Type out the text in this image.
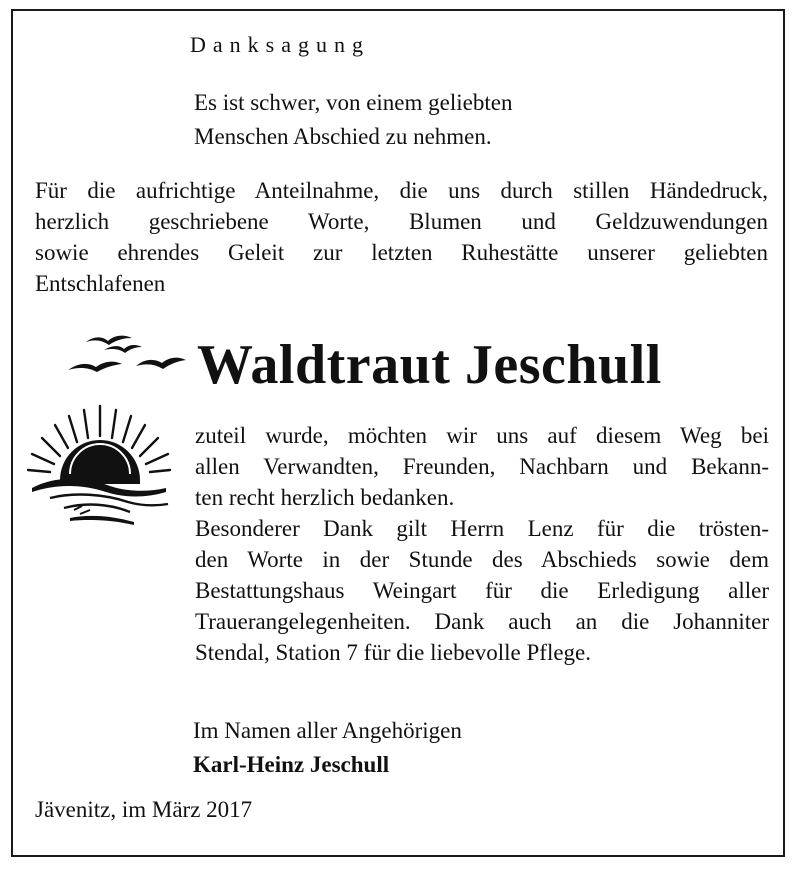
Danksagung

Es ist schwer, von einem geliebten
Menschen Abschied zu nehmen.
Für die aufrichtige Anteilnahme, die uns durch stillen Händedruck,
herzlich geschriebene Worte, Blumen und Geldzuwendungen
sowie ehrendes Geleit zur letzten Ruhestätte unserer geliebten
Entschlafenen

Waldtraut Jeschull

zuteil wurde, möchten wir uns auf diesem Weg bei
allen Verwandten, Freunden, Nachbarn und Bekann-
ten recht herzlich bedanken.
Besonderer Dank gilt Herrn Lenz für die trösten-
den Worte in der Stunde des Abschieds sowie dem
Bestattungshaus Weingart für die Erledigung aller
Trauerangelegenheiten. Dank auch an die Johanniter
Stendal, Station 7 für die liebevolle Pflege.
Im Namen aller Angehörigen
Karl-Heinz Jeschull

Jävenitz, im März 2017
